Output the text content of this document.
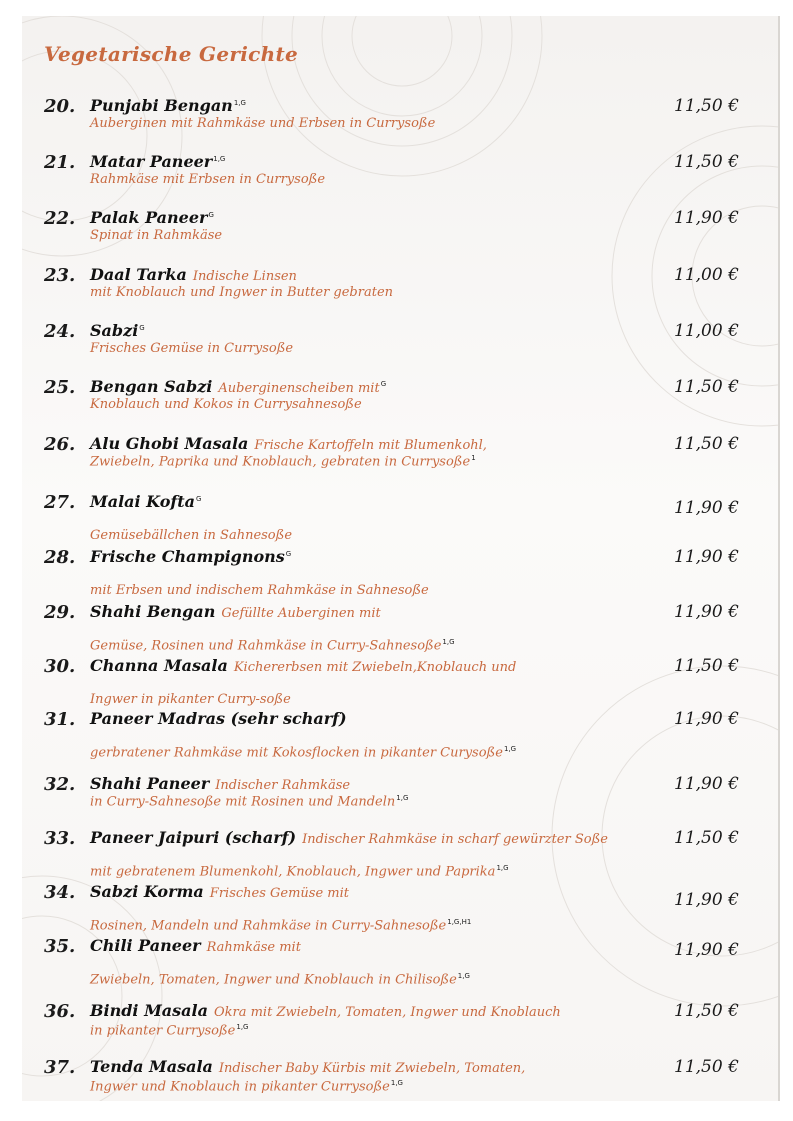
Vegetarische Gerichte
20. Punjabi Bengan$^{1,G}$
Auberginen mit Rahmkäse und Erbsen in Currysoße
11,50 €
21. Matar Paneer$^{1,G}$
Rahmkäse mit Erbsen in Currysoße
11,50 €
22. Palak Paneer$^G$
Spinat in Rahmkäse
11,90 €
23. Daal Tarka Indische Linsen
mit Knoblauch und Ingwer in Butter gebraten
11,00 €
24. Sabzi$^G$
Frisches Gemüse in Currysoße
11,00 €
25. Bengan Sabzi Auberginenscheiben mit$^G$
Knoblauch und Kokos in Currysahnesoße
11,50 €
26. Alu Ghobi Masala Frische Kartoffeln mit Blumenkohl,
Zwiebeln, Paprika und Knoblauch, gebraten in Currysoße$^1$
11,50 €
27. Malai Kofta$^G$
Gemüsebällchen in Sahnesoße
11,90 €
28. Frische Champignons$^G$
mit Erbsen und indischem Rahmkäse in Sahnesoße
11,90 €
29. Shahi Bengan Gefüllte Auberginen mit
Gemüse, Rosinen und Rahmkäse in Curry-Sahnesoße$^{1,G}$
11,90 €
30. Channa Masala Kichererbsen mit Zwiebeln,Knoblauch und
Ingwer in pikanter Curry-soße
11,50 €
31. Paneer Madras (sehr scharf)
gerbratener Rahmkäse mit Kokosflocken in pikanter Curysoße$^{1,G}$
11,90 €
32. Shahi Paneer Indischer Rahmkäse
in Curry-Sahnesoße mit Rosinen und Mandeln$^{1,G}$
11,90 €
33. Paneer Jaipuri (scharf) Indischer Rahmkäse in scharf gewürzter Soße
mit gebratenem Blumenkohl, Knoblauch, Ingwer und Paprika$^{1,G}$
11,50 €
34. Sabzi Korma Frisches Gemüse mit
Rosinen, Mandeln und Rahmkäse in Curry-Sahnesoße$^{1,G,H1}$
11,90 €
35. Chili Paneer Rahmkäse mit
Zwiebeln, Tomaten, Ingwer und Knoblauch in Chilisoße$^{1,G}$
11,90 €
36. Bindi Masala Okra mit Zwiebeln, Tomaten, Ingwer und Knoblauch
in pikanter Currysoße$^{1,G}$
11,50 €
37. Tenda Masala Indischer Baby Kürbis mit Zwiebeln, Tomaten,
Ingwer und Knoblauch in pikanter Currysoße$^{1,G}$
11,50 €
